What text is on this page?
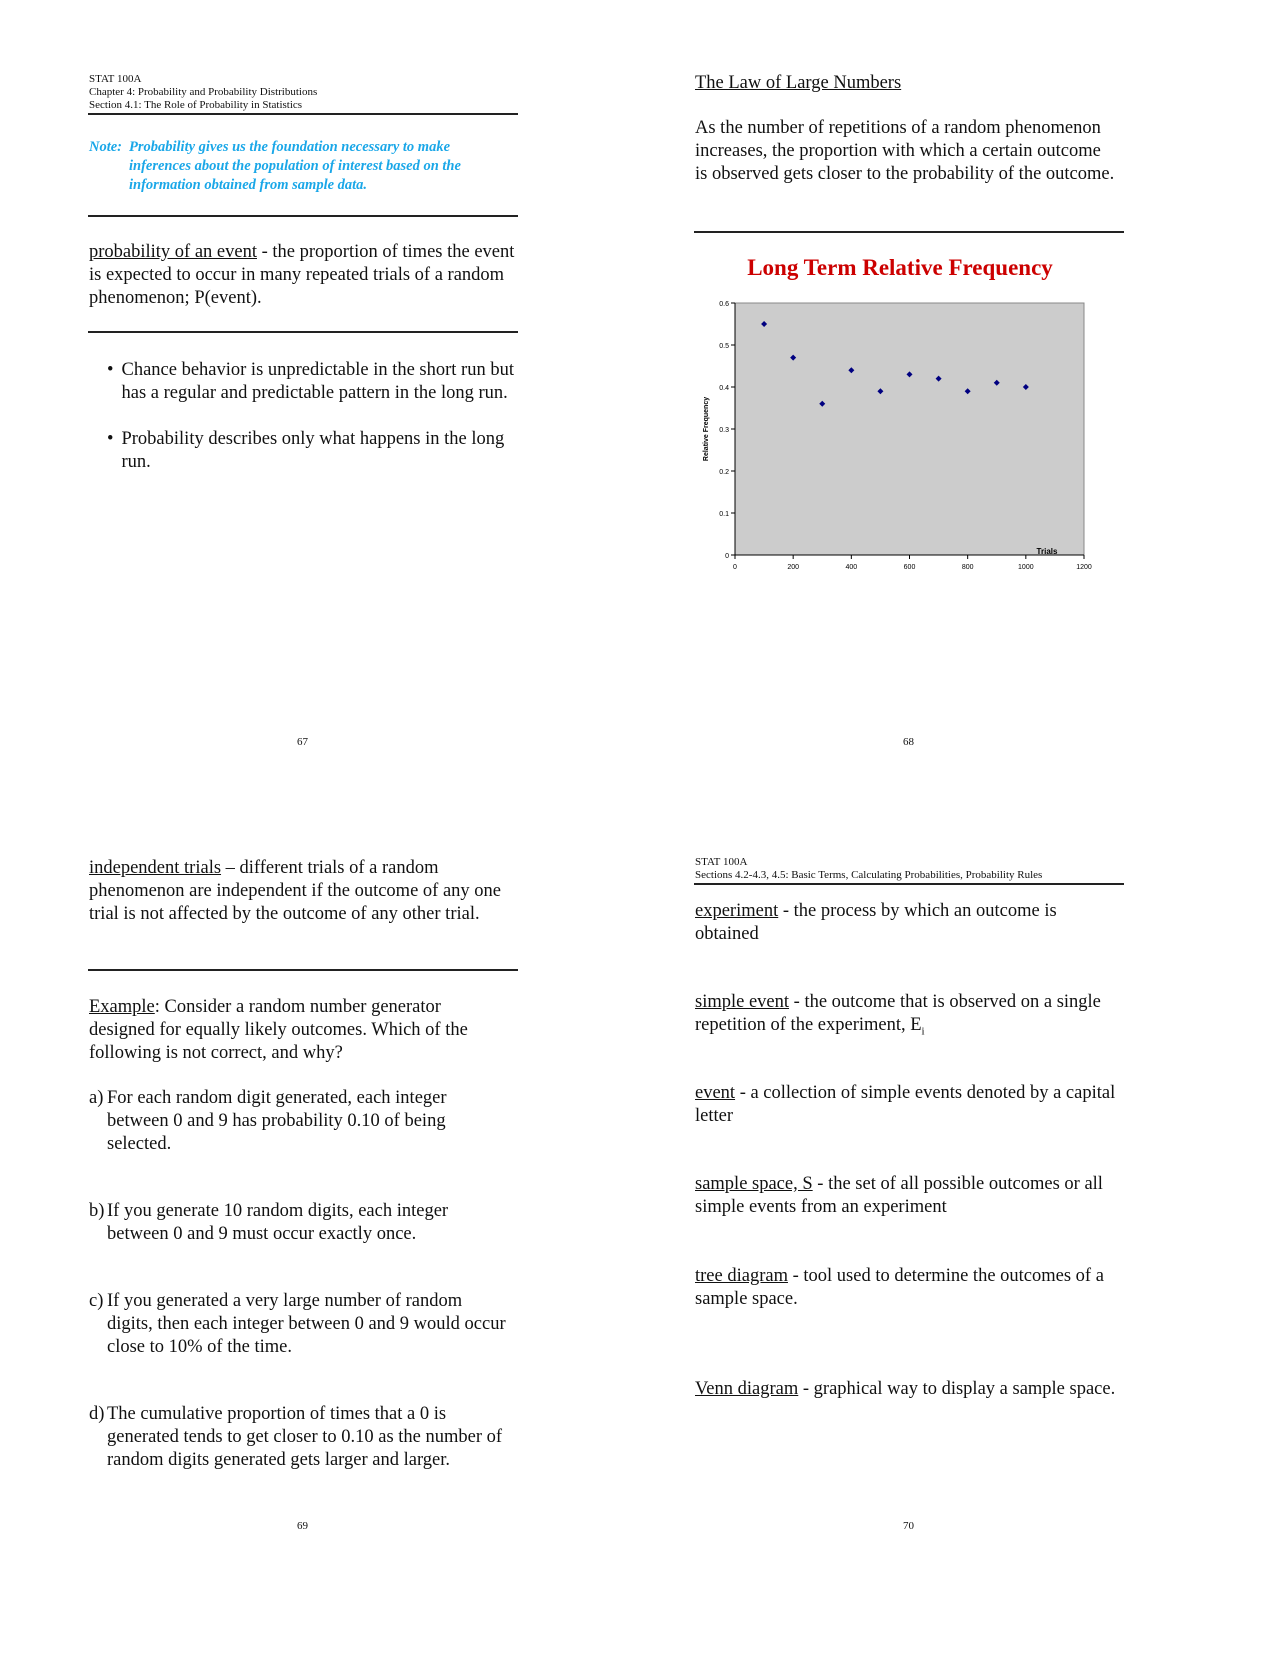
STAT 100A
Chapter 4: Probability and Probability Distributions
Section 4.1: The Role of Probability in Statistics
Note: Probability gives us the foundation necessary to make
inferences about the population of interest based on the
information obtained from sample data.
probability of an event - the proportion of times the event is expected to occur in many repeated trials of a random phenomenon; P(event).
• Chance behavior is unpredictable in the short run but has a regular and predictable pattern in the long run.
• Probability describes only what happens in the long run.
67
The Law of Large Numbers
As the number of repetitions of a random phenomenon increases, the proportion with which a certain outcome is observed gets closer to the probability of the outcome.
Long Term Relative Frequency
0
0.1
0.2
0.3
0.4
0.5
0.6
0	200	400	600	800	1000	1200
Trials
Relative Frequency
68
independent trials – different trials of a random phenomenon are independent if the outcome of any one trial is not affected by the outcome of any other trial.
Example: Consider a random number generator designed for equally likely outcomes. Which of the following is not correct, and why?
a) For each random digit generated, each integer between 0 and 9 has probability 0.10 of being selected.
b) If you generate 10 random digits, each integer between 0 and 9 must occur exactly once.
c) If you generated a very large number of random digits, then each integer between 0 and 9 would occur close to 10% of the time.
d) The cumulative proportion of times that a 0 is generated tends to get closer to 0.10 as the number of random digits generated gets larger and larger.
69
STAT 100A
Sections 4.2-4.3, 4.5: Basic Terms, Calculating Probabilities, Probability Rules
experiment - the process by which an outcome is obtained
simple event - the outcome that is observed on a single repetition of the experiment, $E_i$
event - a collection of simple events denoted by a capital letter
sample space, S - the set of all possible outcomes or all simple events from an experiment
tree diagram - tool used to determine the outcomes of a sample space.
Venn diagram - graphical way to display a sample space.
70
